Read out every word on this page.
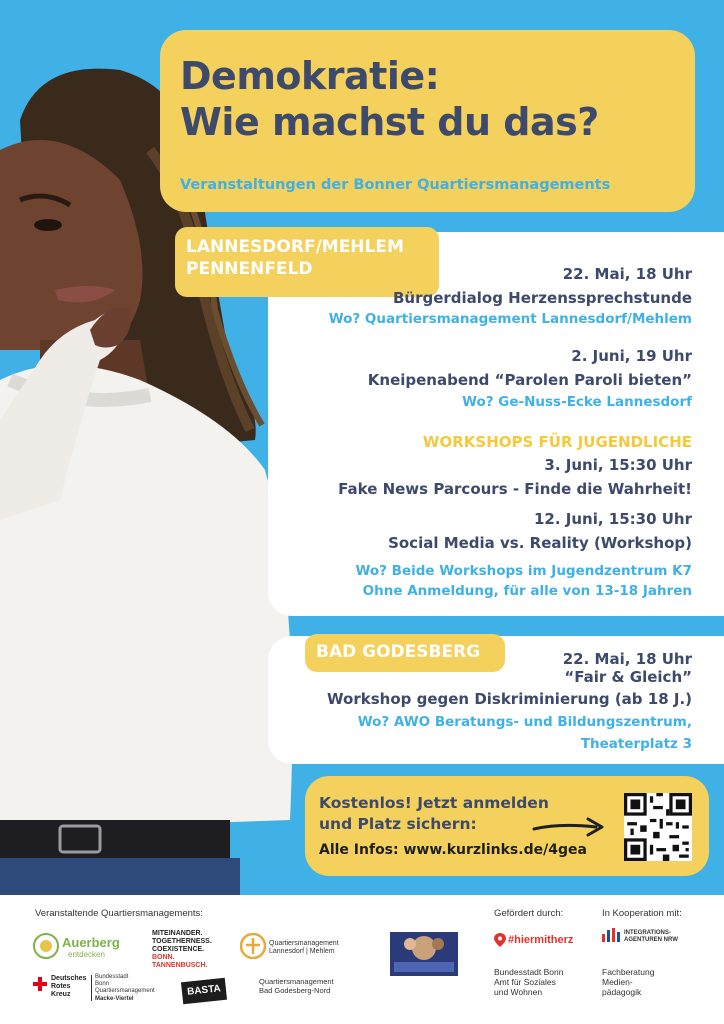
Demokratie:
Wie machst du das?
Veranstaltungen der Bonner Quartiersmanagements
LANNESDORF/MEHLEM
PENNENFELD	22. Mai, 18 Uhr
Bürgerdialog Herzenssprechstunde
Wo? Quartiersmanagement Lannesdorf/Mehlem
2. Juni, 19 Uhr
Kneipenabend “Parolen Paroli bieten”
Wo? Ge-Nuss-Ecke Lannesdorf
WORKSHOPS FÜR JUGENDLICHE
3. Juni, 15:30 Uhr
Fake News Parcours - Finde die Wahrheit!
12. Juni, 15:30 Uhr
Social Media vs. Reality (Workshop)
Wo? Beide Workshops im Jugendzentrum K7
Ohne Anmeldung, für alle von 13-18 Jahren
BAD GODESBERG	22. Mai, 18 Uhr
“Fair & Gleich”
Workshop gegen Diskriminierung (ab 18 J.)
Wo? AWO Beratungs- und Bildungszentrum,
Theaterplatz 3
Kostenlos! Jetzt anmelden
und Platz sichern:
Alle Infos: www.kurzlinks.de/4gea
Veranstaltende Quartiersmanagements:	Gefördert durch:	In Kooperation mit:
Auerberg
entdecken
MITEINANDER.
TOGETHERNESS.
COEXISTENCE.
BONN.
TANNENBUSCH.
Quartiersmanagement
Lannesdorf | Mehlem
Quartiersmanagement
Bad Godesberg-Nord
Deutsches
Rotes
Kreuz
Bundesstadt
Bonn
Quartiersmanagement
Macke-Viertel
BASTA
#hiermitherz
Bundesstadt Bonn
Amt für Soziales
und Wohnen
INTEGRATIONS-
AGENTUREN NRW
Fachberatung
Medien-
pädagogik
